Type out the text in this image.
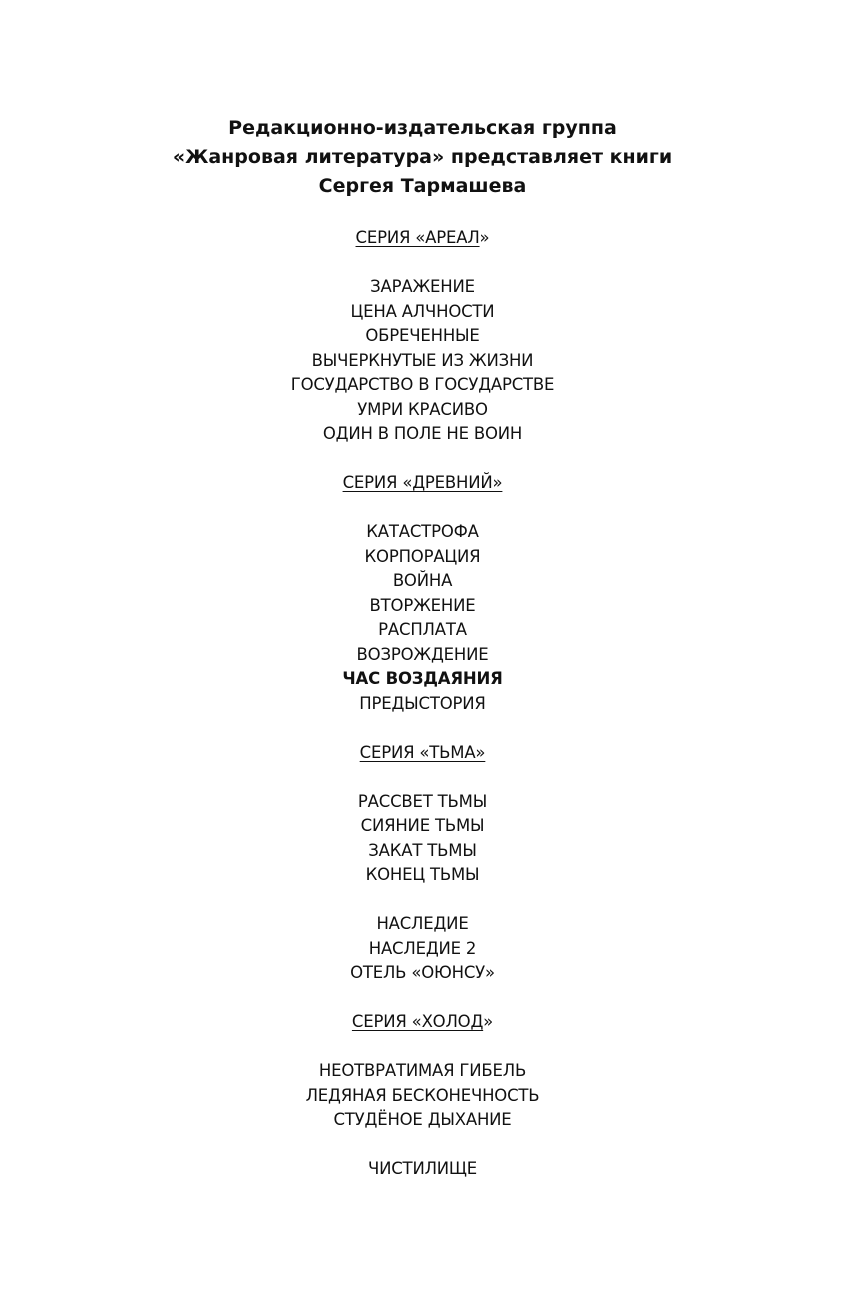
Редакционно-издательская группа
«Жанровая литература» представляет книги
Сергея Тармашева
СЕРИЯ «АРЕАЛ»
ЗАРАЖЕНИЕ
ЦЕНА АЛЧНОСТИ
ОБРЕЧЕННЫЕ
ВЫЧЕРКНУТЫЕ ИЗ ЖИЗНИ
ГОСУДАРСТВО В ГОСУДАРСТВЕ
УМРИ КРАСИВО
ОДИН В ПОЛЕ НЕ ВОИН
СЕРИЯ «ДРЕВНИЙ»
КАТАСТРОФА
КОРПОРАЦИЯ
ВОЙНА
ВТОРЖЕНИЕ
РАСПЛАТА
ВОЗРОЖДЕНИЕ
ЧАС ВОЗДАЯНИЯ
ПРЕДЫСТОРИЯ
СЕРИЯ «ТЬМА»
РАССВЕТ ТЬМЫ
СИЯНИЕ ТЬМЫ
ЗАКАТ ТЬМЫ
КОНЕЦ ТЬМЫ
НАСЛЕДИЕ
НАСЛЕДИЕ 2
ОТЕЛЬ «ОЮНСУ»
СЕРИЯ «ХОЛОД»
НЕОТВРАТИМАЯ ГИБЕЛЬ
ЛЕДЯНАЯ БЕСКОНЕЧНОСТЬ
СТУДЁНОЕ ДЫХАНИЕ
ЧИСТИЛИЩЕ
